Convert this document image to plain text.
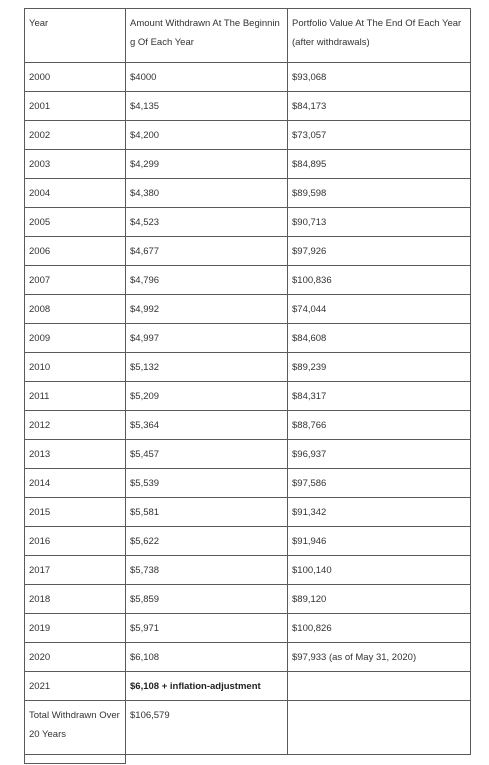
Year	Amount Withdrawn At The Beginning Of Each Year	Portfolio Value At The End Of Each Year (after withdrawals)
2000	$4000	$93,068
2001	$4,135	$84,173
2002	$4,200	$73,057
2003	$4,299	$84,895
2004	$4,380	$89,598
2005	$4,523	$90,713
2006	$4,677	$97,926
2007	$4,796	$100,836
2008	$4,992	$74,044
2009	$4,997	$84,608
2010	$5,132	$89,239
2011	$5,209	$84,317
2012	$5,364	$88,766
2013	$5,457	$96,937
2014	$5,539	$97,586
2015	$5,581	$91,342
2016	$5,622	$91,946
2017	$5,738	$100,140
2018	$5,859	$89,120
2019	$5,971	$100,826
2020	$6,108	$97,933 (as of May 31, 2020)
2021	$6,108 + inflation-adjustment	
Total Withdrawn Over 20 Years	$106,579	
